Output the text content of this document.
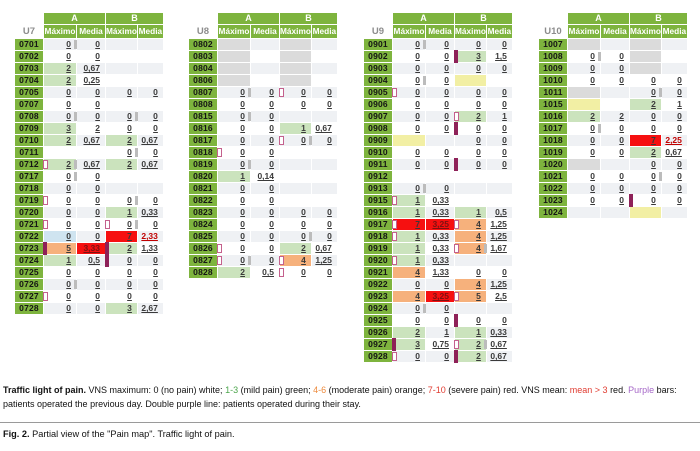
	A		B	
U7	Máximo	Media	Máximo	Media
0701	0	0		
0702	0	0		
0703	2	0,67		
0704	2	0,25		
0705	0	0	0	0
0707	0	0		
0708	0	0	0	0
0709	3	2	0	0
0710	2	0,67	2	0,67
0711			0	0
0712	2	0,67	2	0,67
0717	0	0		
0718	0	0		
0719	0	0	0	0
0720	0	0	1	0,33
0721	0	0	0	0
0722	0	0	7	2,33
0723	5	3,33	2	1,33
0724	1	0,5	0	0
0725	0	0	0	0
0726	0	0	0	0
0727	0	0	0	0
0728	0	0	3	2,67
	A		B	
U8	Máximo	Media	Máximo	Media
0802				
0803				
0804				
0806				
0807	0	0	0	0
0808	0	0	0	0
0815	0	0		
0816	0	0	1	0,67
0817	0	0	0	0
0818	0	0		
0819	0	0		
0820	1	0,14		
0821	0	0		
0822	0	0		
0823	0	0	0	0
0824	0	0	0	0
0825	0	0	0	0
0826	0	0	2	0,67
0827	0	0	4	1,25
0828	2	0,5	0	0
	A		B	
U9	Máximo	Media	Máximo	Media
0901	0	0	0	0
0902	0	0	3	1,5
0903	0	0	0	0
0904	0	0		
0905	0	0	0	0
0906	0	0	0	0
0907	0	0	2	1
0908	0	0	0	0
0909			0	0
0910	0	0	0	0
0911	0	0	0	0
0912				
0913	0	0		
0915	1	0,33		
0916	1	0,33	1	0,5
0917	7	3,25	4	1,25
0918	1	0,33	4	1,25
0919	1	0,33	4	1,67
0920	1	0,33		
0921	4	1,33	0	0
0922	0	0	4	1,25
0923	4	3,25	5	2,5
0924	0	0		
0925	0	0	0	0
0926	2	1	1	0,33
0927	3	0,75	2	0,67
0928	0	0	2	0,67
	A		B	
U10	Máximo	Media	Máximo	Media
1007				
1008	0	0		
1009	0	0		
1010	0	0	0	0
1011			0	0
1015			2	1
1016	2	2	0	0
1017	0	0	0	0
1018	0	0	7	2,25
1019	0	0	2	0,67
1020			0	0
1021	0	0	0	0
1022	0	0	0	0
1023	0	0	0	0
1024				

Traffic light of pain. VNS maximum: 0 (no pain) white; 1-3 (mild pain) green; 4-6 (moderate pain) orange; 7-10 (severe pain) red. VNS mean: mean > 3 red. Purple bars: patients operated the previous day. Double purple line: patients operated during their stay.

Fig. 2. Partial view of the "Pain map". Traffic light of pain.
